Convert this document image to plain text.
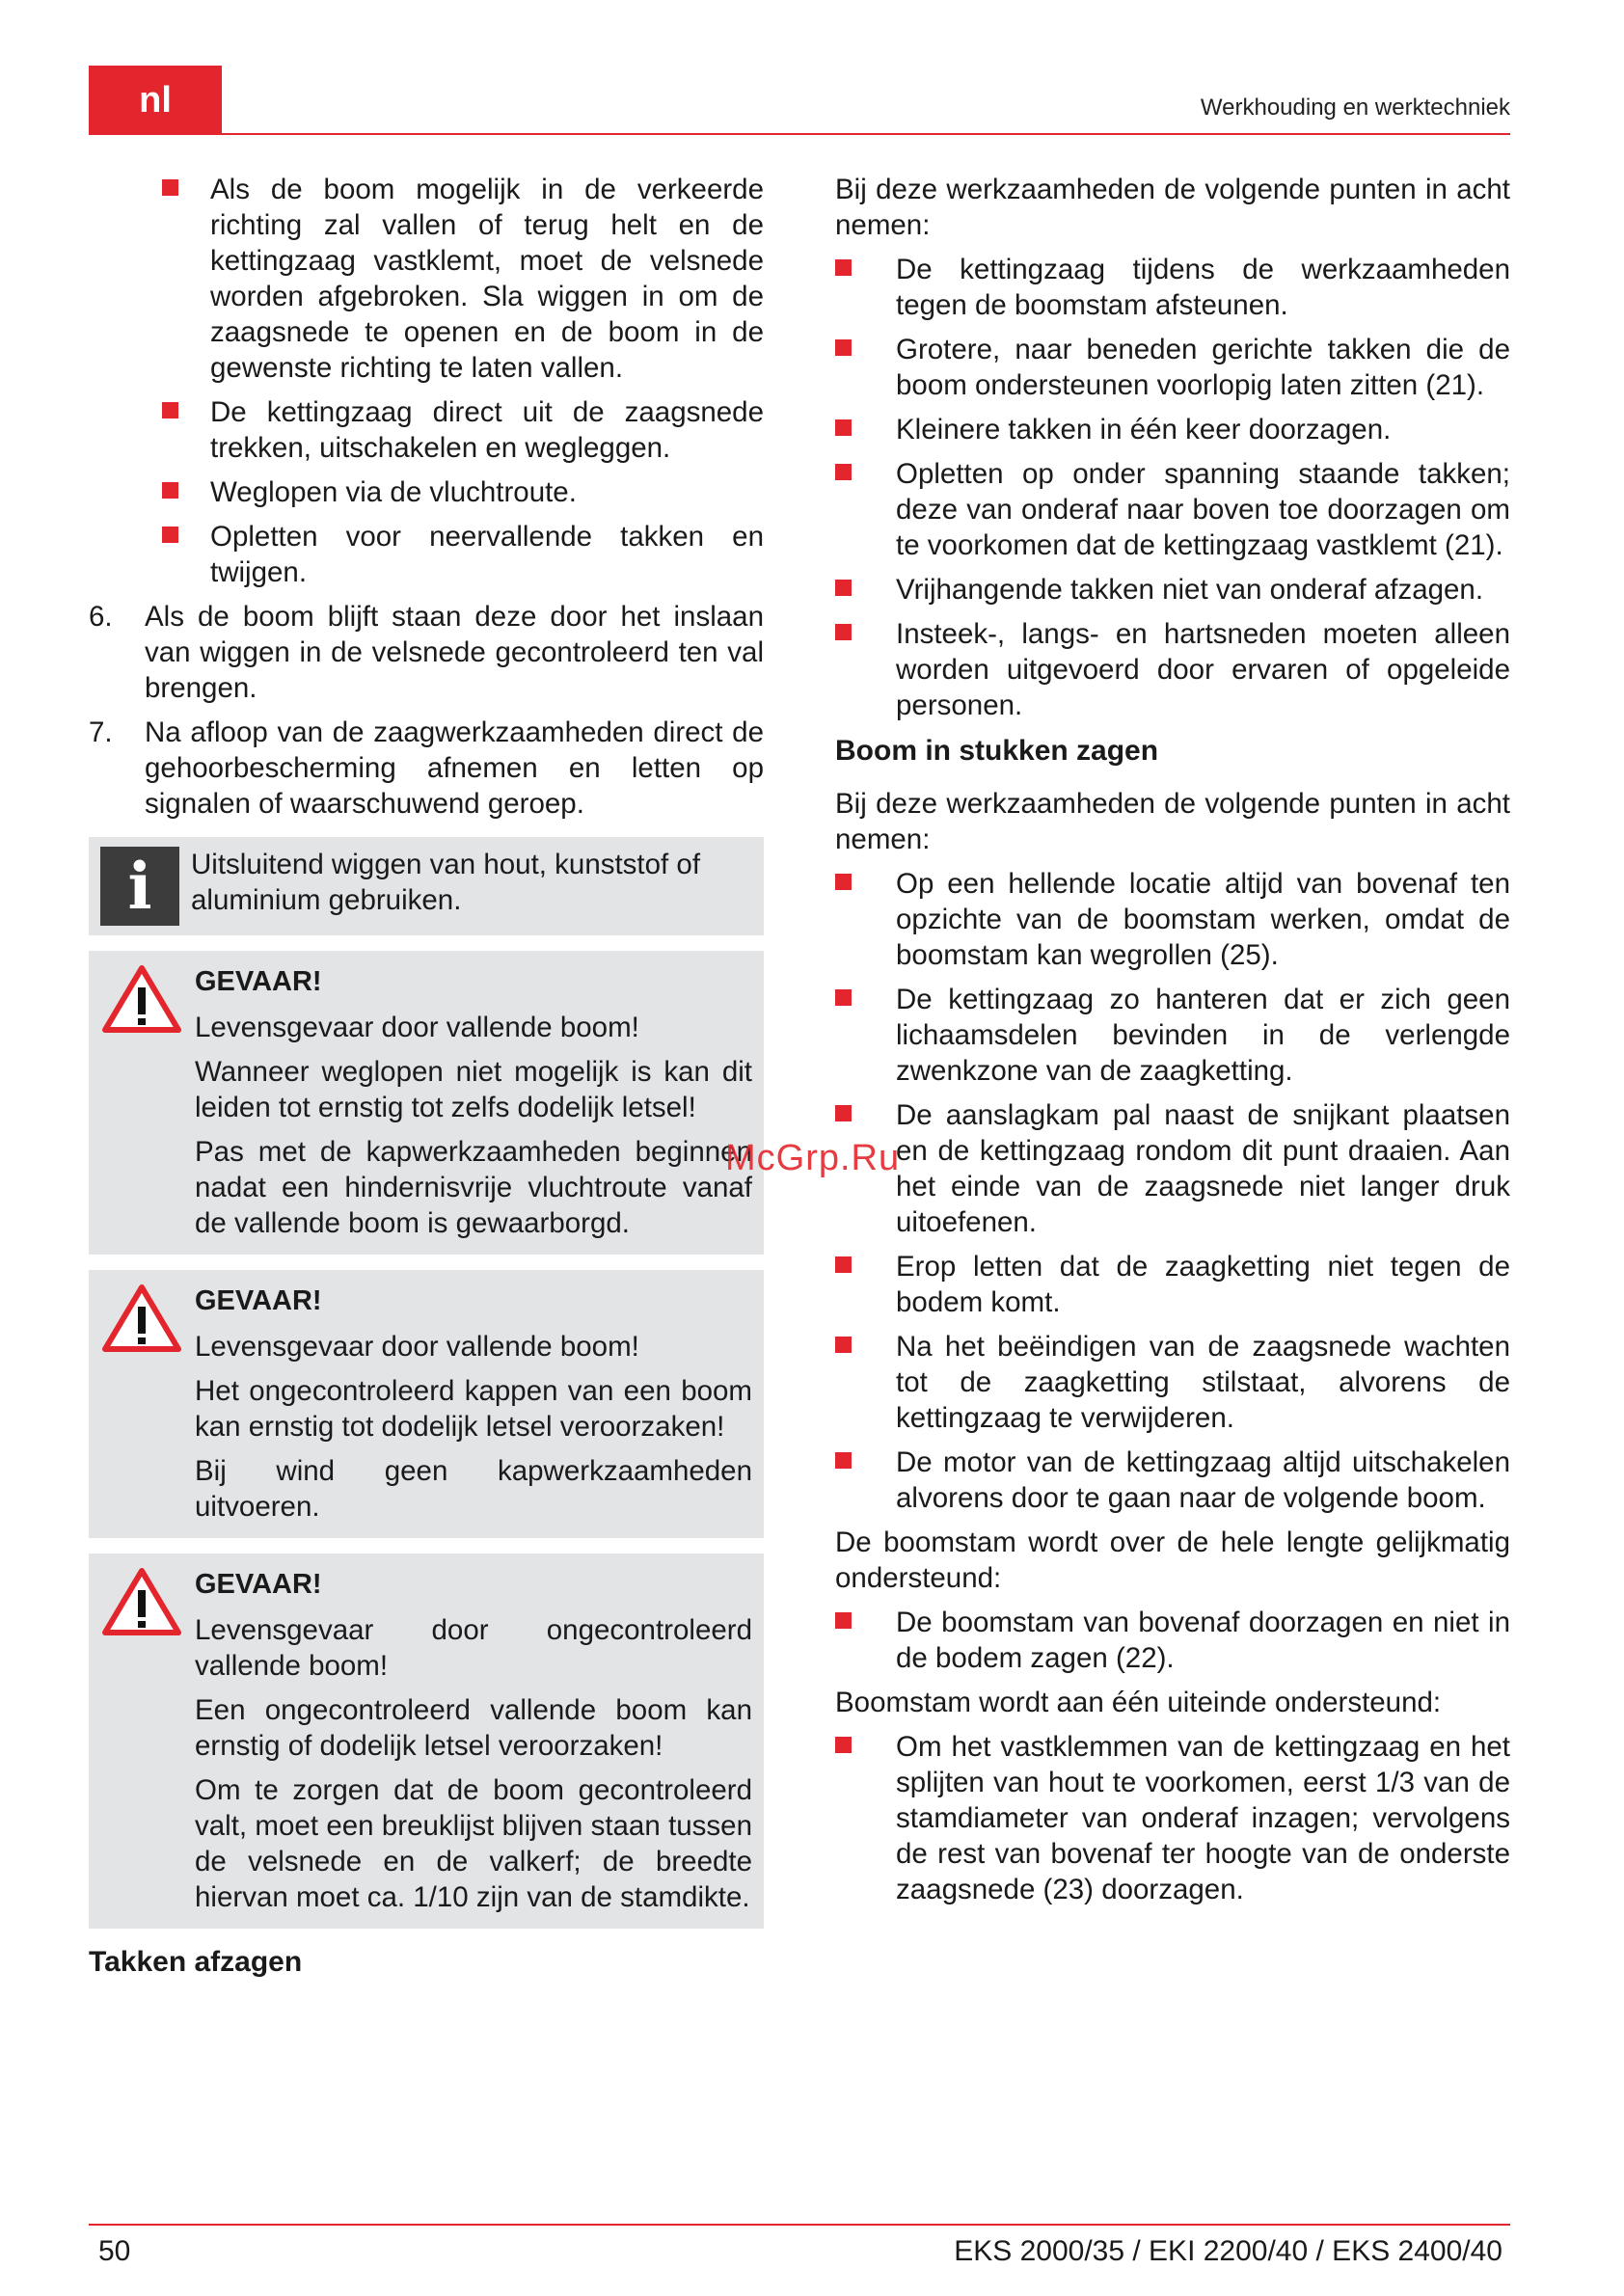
nl	Werkhouding en werktechniek
Als de boom mogelijk in de verkeerde richting zal vallen of terug helt en de kettingzaag vastklemt, moet de velsnede worden afgebroken. Sla wiggen in om de zaagsnede te openen en de boom in de gewenste richting te laten vallen.
De kettingzaag direct uit de zaagsnede trekken, uitschakelen en wegleggen.
Weglopen via de vluchtroute.
Opletten voor neervallende takken en twijgen.
6. Als de boom blijft staan deze door het inslaan van wiggen in de velsnede gecontroleerd ten val brengen.
7. Na afloop van de zaagwerkzaamheden direct de gehoorbescherming afnemen en letten op signalen of waarschuwend geroep.
i	Uitsluitend wiggen van hout, kunststof of aluminium gebruiken.
GEVAAR!

Levensgevaar door vallende boom!

Wanneer weglopen niet mogelijk is kan dit leiden tot ernstig tot zelfs dodelijk letsel!

Pas met de kapwerkzaamheden beginnen nadat een hindernisvrije vluchtroute vanaf de vallende boom is gewaarborgd.

GEVAAR!

Levensgevaar door vallende boom!

Het ongecontroleerd kappen van een boom kan ernstig tot dodelijk letsel veroorzaken!

Bij wind geen kapwerkzaamheden uitvoeren.

GEVAAR!

Levensgevaar door ongecontroleerd vallende boom!

Een ongecontroleerd vallende boom kan ernstig of dodelijk letsel veroorzaken!

Om te zorgen dat de boom gecontroleerd valt, moet een breuklijst blijven staan tussen de velsnede en de valkerf; de breedte hiervan moet ca. 1/10 zijn van de stamdikte.

Takken afzagen

Bij deze werkzaamheden de volgende punten in acht nemen:

De kettingzaag tijdens de werkzaamheden tegen de boomstam afsteunen.
Grotere, naar beneden gerichte takken die de boom ondersteunen voorlopig laten zitten (21).
Kleinere takken in één keer doorzagen.
Opletten op onder spanning staande takken; deze van onderaf naar boven toe doorzagen om te voorkomen dat de kettingzaag vastklemt (21).
Vrijhangende takken niet van onderaf afzagen.
Insteek-, langs- en hartsneden moeten alleen worden uitgevoerd door ervaren of opgeleide personen.
Boom in stukken zagen

Bij deze werkzaamheden de volgende punten in acht nemen:

Op een hellende locatie altijd van bovenaf ten opzichte van de boomstam werken, omdat de boomstam kan wegrollen (25).
De kettingzaag zo hanteren dat er zich geen lichaamsdelen bevinden in de verlengde zwenkzone van de zaagketting.
De aanslagkam pal naast de snijkant plaatsen en de kettingzaag rondom dit punt draaien. Aan het einde van de zaagsnede niet langer druk uitoefenen.
Erop letten dat de zaagketting niet tegen de bodem komt.
Na het beëindigen van de zaagsnede wachten tot de zaagketting stilstaat, alvorens de kettingzaag te verwijderen.
De motor van de kettingzaag altijd uitschakelen alvorens door te gaan naar de volgende boom.

De boomstam wordt over de hele lengte gelijkmatig ondersteund:

De boomstam van bovenaf doorzagen en niet in de bodem zagen (22).

Boomstam wordt aan één uiteinde ondersteund:

Om het vastklemmen van de kettingzaag en het splijten van hout te voorkomen, eerst 1/3 van de stamdiameter van onderaf inzagen; vervolgens de rest van bovenaf ter hoogte van de onderste zaagsnede (23) doorzagen.
McGrp.Ru
50	EKS 2000/35 / EKI 2200/40 / EKS 2400/40
